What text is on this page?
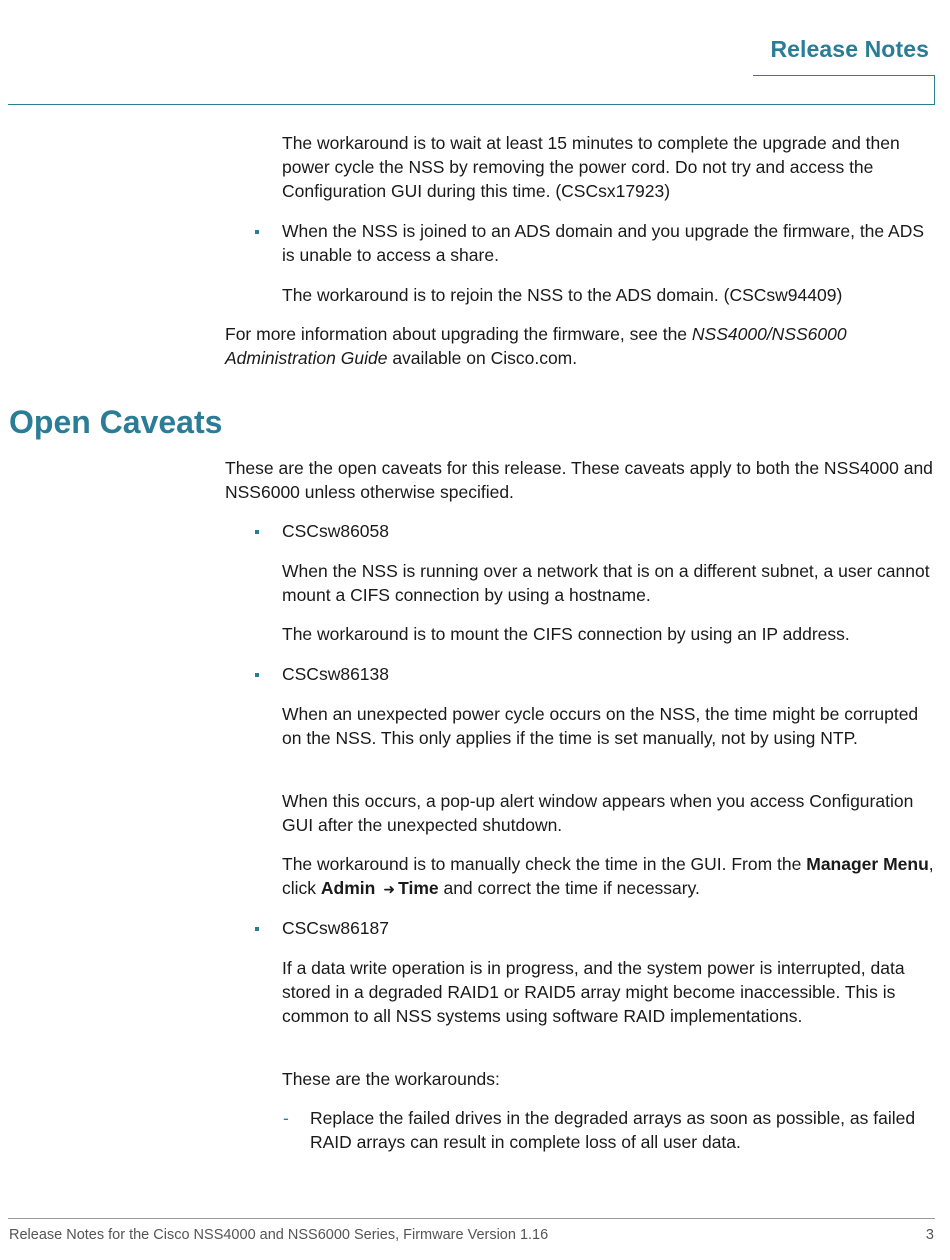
Release Notes

The workaround is to wait at least 15 minutes to complete the upgrade and then power cycle the NSS by removing the power cord. Do not try and access the Configuration GUI during this time. (CSCsx17923)

When the NSS is joined to an ADS domain and you upgrade the firmware, the ADS is unable to access a share.

The workaround is to rejoin the NSS to the ADS domain. (CSCsw94409)

For more information about upgrading the firmware, see the NSS4000/NSS6000 Administration Guide available on Cisco.com.

Open Caveats

These are the open caveats for this release. These caveats apply to both the NSS4000 and NSS6000 unless otherwise specified.

CSCsw86058

When the NSS is running over a network that is on a different subnet, a user cannot mount a CIFS connection by using a hostname.

The workaround is to mount the CIFS connection by using an IP address.

CSCsw86138

When an unexpected power cycle occurs on the NSS, the time might be corrupted on the NSS. This only applies if the time is set manually, not by using NTP.

When this occurs, a pop-up alert window appears when you access Configuration GUI after the unexpected shutdown.

The workaround is to manually check the time in the GUI. From the Manager Menu, click Admin ➜ Time and correct the time if necessary.

CSCsw86187

If a data write operation is in progress, and the system power is interrupted, data stored in a degraded RAID1 or RAID5 array might become inaccessible. This is common to all NSS systems using software RAID implementations.

These are the workarounds:

- Replace the failed drives in the degraded arrays as soon as possible, as failed RAID arrays can result in complete loss of all user data.

Release Notes for the Cisco NSS4000 and NSS6000 Series, Firmware Version 1.16	3
